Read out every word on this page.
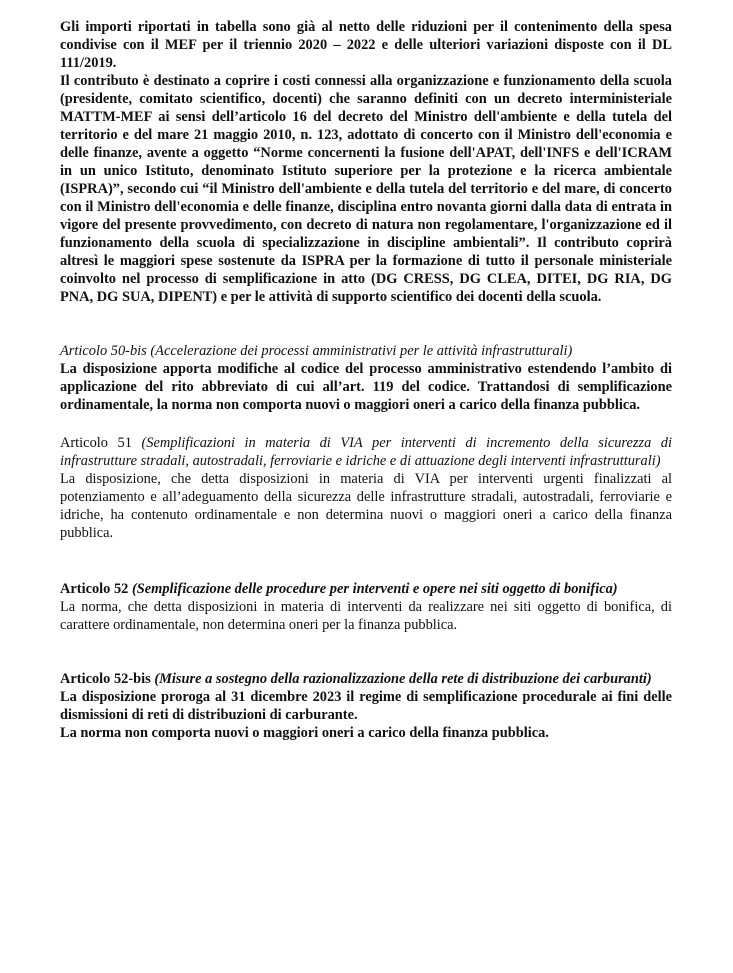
Gli importi riportati in tabella sono già al netto delle riduzioni per il contenimento della spesa condivise con il MEF per il triennio 2020 – 2022 e delle ulteriori variazioni disposte con il DL 111/2019.

Il contributo è destinato a coprire i costi connessi alla organizzazione e funzionamento della scuola (presidente, comitato scientifico, docenti) che saranno definiti con un decreto interministeriale MATTM-MEF ai sensi dell’articolo 16 del decreto del Ministro dell'ambiente e della tutela del territorio e del mare 21 maggio 2010, n. 123, adottato di concerto con il Ministro dell'economia e delle finanze, avente a oggetto “Norme concernenti la fusione dell'APAT, dell'INFS e dell'ICRAM in un unico Istituto, denominato Istituto superiore per la protezione e la ricerca ambientale (ISPRA)”, secondo cui “il Ministro dell'ambiente e della tutela del territorio e del mare, di concerto con il Ministro dell'economia e delle finanze, disciplina entro novanta giorni dalla data di entrata in vigore del presente provvedimento, con decreto di natura non regolamentare, l'organizzazione ed il funzionamento della scuola di specializzazione in discipline ambientali”. Il contributo coprirà altresì le maggiori spese sostenute da ISPRA per la formazione di tutto il personale ministeriale coinvolto nel processo di semplificazione in atto (DG CRESS, DG CLEA, DITEI, DG RIA, DG PNA, DG SUA, DIPENT) e per le attività di supporto scientifico dei docenti della scuola.

Articolo 50-bis (Accelerazione dei processi amministrativi per le attività infrastrutturali)

La disposizione apporta modifiche al codice del processo amministrativo estendendo l’ambito di applicazione del rito abbreviato di cui all’art. 119 del codice. Trattandosi di semplificazione ordinamentale, la norma non comporta nuovi o maggiori oneri a carico della finanza pubblica.

Articolo 51 (Semplificazioni in materia di VIA per interventi di incremento della sicurezza di infrastrutture stradali, autostradali, ferroviarie e idriche e di attuazione degli interventi infrastrutturali)

La disposizione, che detta disposizioni in materia di VIA per interventi urgenti finalizzati al potenziamento e all’adeguamento della sicurezza delle infrastrutture stradali, autostradali, ferroviarie e idriche, ha contenuto ordinamentale e non determina nuovi o maggiori oneri a carico della finanza pubblica.

Articolo 52 (Semplificazione delle procedure per interventi e opere nei siti oggetto di bonifica)

La norma, che detta disposizioni in materia di interventi da realizzare nei siti oggetto di bonifica, di carattere ordinamentale, non determina oneri per la finanza pubblica.

Articolo 52-bis (Misure a sostegno della razionalizzazione della rete di distribuzione dei carburanti)

La disposizione proroga al 31 dicembre 2023 il regime di semplificazione procedurale ai fini delle dismissioni di reti di distribuzioni di carburante.

La norma non comporta nuovi o maggiori oneri a carico della finanza pubblica.
